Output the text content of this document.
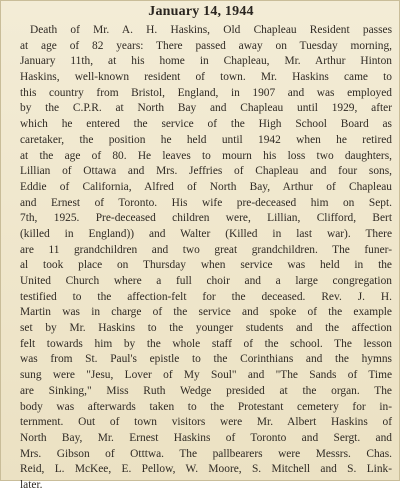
January 14, 1944
Death of Mr. A. H. Haskins, Old Chapleau Resident passes
at age of 82 years: There passed away on Tuesday morning,
January 11th, at his home in Chapleau, Mr. Arthur Hinton
Haskins, well-known resident of town. Mr. Haskins came to
this country from Bristol, England, in 1907 and was employed
by the C.P.R. at North Bay and Chapleau until 1929, after
which he entered the service of the High School Board as
caretaker, the position he held until 1942 when he retired
at the age of 80. He leaves to mourn his loss two daughters,
Lillian of Ottawa and Mrs. Jeffries of Chapleau and four sons,
Eddie of California, Alfred of North Bay, Arthur of Chapleau
and Ernest of Toronto. His wife pre-deceased him on Sept.
7th, 1925. Pre-deceased children were, Lillian, Clifford, Bert
(killed in England)) and Walter (Killed in last war). There
are 11 grandchildren and two great grandchildren. The funer-
al took place on Thursday when service was held in the
United Church where a full choir and a large congregation
testified to the affection-felt for the deceased. Rev. J. H.
Martin was in charge of the service and spoke of the example
set by Mr. Haskins to the younger students and the affection
felt towards him by the whole staff of the school. The lesson
was from St. Paul's epistle to the Corinthians and the hymns
sung were "Jesu, Lover of My Soul" and "The Sands of Time
are Sinking," Miss Ruth Wedge presided at the organ. The
body was afterwards taken to the Protestant cemetery for in-
ternment. Out of town visitors were Mr. Albert Haskins of
North Bay, Mr. Ernest Haskins of Toronto and Sergt. and
Mrs. Gibson of Otttwa. The pallbearers were Messrs. Chas.
Reid, L. McKee, E. Pellow, W. Moore, S. Mitchell and S. Link-
later.
